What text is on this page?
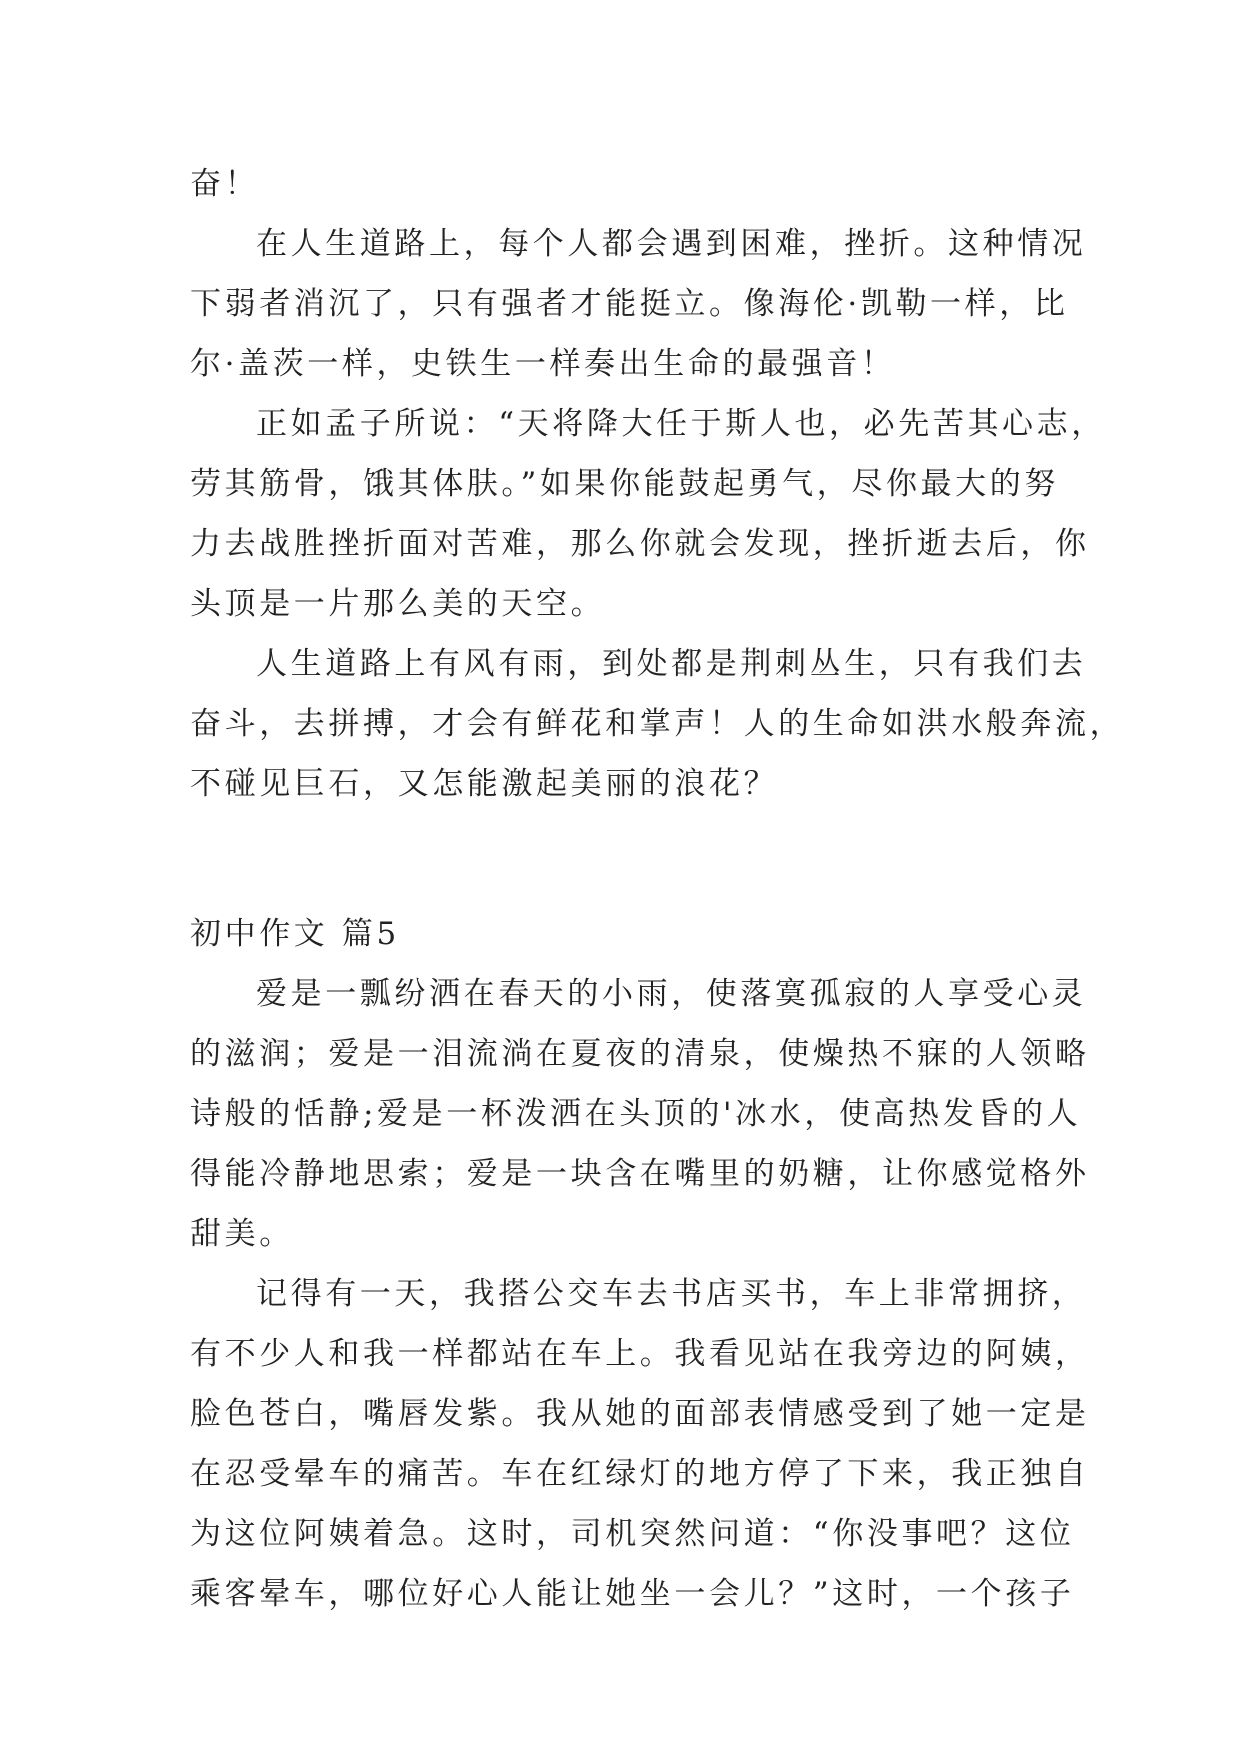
奋！
在人生道路上，每个人都会遇到困难，挫折。这种情况
下弱者消沉了，只有强者才能挺立。像海伦·凯勒一样，比
尔·盖茨一样，史铁生一样奏出生命的最强音！
正如孟子所说：“天将降大任于斯人也，必先苦其心志，
劳其筋骨，饿其体肤。”如果你能鼓起勇气，尽你最大的努
力去战胜挫折面对苦难，那么你就会发现，挫折逝去后，你
头顶是一片那么美的天空。
人生道路上有风有雨，到处都是荆刺丛生，只有我们去
奋斗，去拼搏，才会有鲜花和掌声！人的生命如洪水般奔流，
不碰见巨石，又怎能激起美丽的浪花？
初中作文 篇5
爱是一瓢纷洒在春天的小雨，使落寞孤寂的人享受心灵
的滋润；爱是一泪流淌在夏夜的清泉，使燥热不寐的人领略
诗般的恬静;爱是一杯泼洒在头顶的'冰水，使高热发昏的人
得能冷静地思索；爱是一块含在嘴里的奶糖，让你感觉格外
甜美。
记得有一天，我搭公交车去书店买书，车上非常拥挤，
有不少人和我一样都站在车上。我看见站在我旁边的阿姨，
脸色苍白，嘴唇发紫。我从她的面部表情感受到了她一定是
在忍受晕车的痛苦。车在红绿灯的地方停了下来，我正独自
为这位阿姨着急。这时，司机突然问道：“你没事吧？这位
乘客晕车，哪位好心人能让她坐一会儿？”这时，一个孩子
